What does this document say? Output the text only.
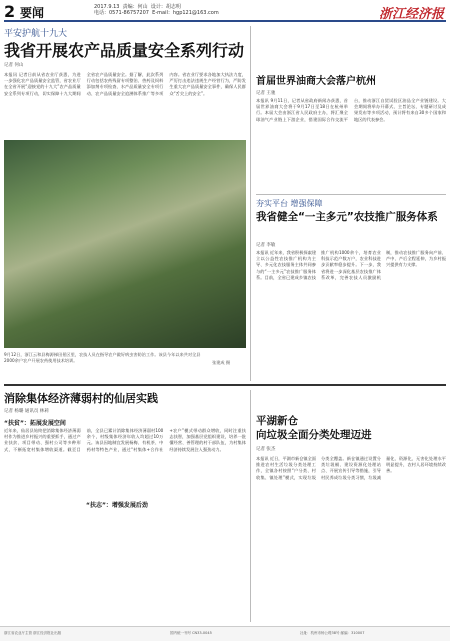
2 要闻	2017.9.13 责编：何山 设计：胡志明
电话：0571-86757207 E-mail：hgp121@163.com	浙江经济报
平安护航十九大
我省开展农产品质量安全系列行动
记者 何山
本报讯 记者日前从省农业厅获悉，为进一步强化农产品质量安全监管，省农业厅在全省开展“迎接党的十九大”农产品质量安全系列专项行动，切实保障十九大期间全省农产品质量安全。据了解，此次系列行动包括农药残留专项整治、兽药及饲料添加剂专项检查、水产品质量安全专项行动、农产品质量安全追溯体系推广等多项内容。省农业厅要求各地加大执法力度，严厉打击违法违规生产经营行为，严防发生重大农产品质量安全事件，确保人民群众“舌尖上的安全”。
9月12日，浙江云和县梅源梯田景区里，农技人员在指导农户做好病虫害防治工作。该县今年以来共对全县2000余户农户开展农药使用技术培训。	张建成 摄
首届世界油商大会落户杭州
记者 王驰
本报讯 9月11日，记者从省政府新闻办获悉，首届世界油商大会将于9月17日至18日在杭州举行。本届大会由浙江省人民政府主办，将汇聚全球油气产业链上下游企业，搭建国际合作交流平台，推动浙江自贸试验区油品全产业链建设。大会期间将举办开幕式、主旨论坛、专题研讨及成果发布等多项活动，预计将有来自30多个国家和地区的代表参会。
夯实平台 增强保障
我省健全“一主多元”农技推广服务体系
记者 李敏
本报讯 近年来，我省积极探索建立以公益性农技推广机构为主导、多元化农技服务主体共同参与的“一主多元”农技推广服务体系。目前，全省已建成乡镇农技推广机构1000余个，培育农业科技示范户数万户，农业科技进步贡献率稳步提升。下一步，我省将进一步深化基层农技推广体系改革，完善农技人员激励机制，推动农技推广服务向产前、产中、产后全程延伸，为乡村振兴提供有力支撑。
消除集体经济薄弱村的仙居实践
记者 杨璐 通讯员 林莉
“扶贫”：拓展发展空间
“扶志”：增强发展后劲
近年来，仙居县始终把消除集体经济薄弱村作为推进乡村振兴的重要抓手，通过产业扶贫、项目带动、强村公司等多种形式，不断拓宽村集体增收渠道。截至目前，全县已累计消除集体经济薄弱村100余个，村级集体经济年收入均超过10万元。该县因地制宜发展杨梅、有机茶、中药材等特色产业，通过“村集体+合作社+农户”模式带动群众增收，同时注重扶志扶智，加强基层党组织建设，培养一批懂经营、善管理的村干部队伍，为村集体经济持续发展注入强劲动力。
平湖新仓
向垃圾全面分类处理迈进
记者 张杰
本报讯 近日，平湖市新仓镇全面推进农村生活垃圾分类处理工作，全镇各村按照“户分类、村收集、镇处理”模式，实现垃圾分类全覆盖。新仓镇通过设置分类垃圾桶、建设资源化处理站点、开展宣传引导等措施，引导村民养成垃圾分类习惯，垃圾减量化、资源化、无害化处理水平明显提升，农村人居环境持续改善。
浙江省农业厅主管 浙江经济报社出版	国内统一刊号 CN33-0045	社址：杭州市杨公堤38号 邮编：310007
